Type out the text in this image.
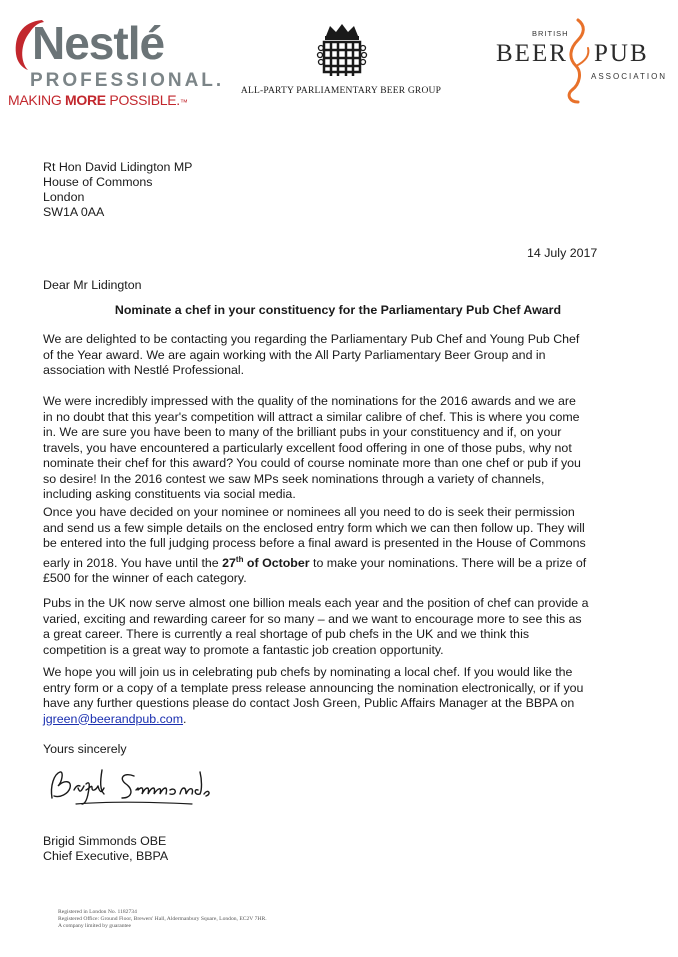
Nestlé
PROFESSIONAL.
MAKING MORE POSSIBLE.™
ALL-PARTY PARLIAMENTARY BEER GROUP
BRITISH
BEER PUB
ASSOCIATION
Rt Hon David Lidington MP
House of Commons
London
SW1A 0AA
14 July 2017
Dear Mr Lidington
Nominate a chef in your constituency for the Parliamentary Pub Chef Award
We are delighted to be contacting you regarding the Parliamentary Pub Chef and Young Pub Chef
of the Year award. We are again working with the All Party Parliamentary Beer Group and in
association with Nestlé Professional.
We were incredibly impressed with the quality of the nominations for the 2016 awards and we are
in no doubt that this year's competition will attract a similar calibre of chef. This is where you come
in. We are sure you have been to many of the brilliant pubs in your constituency and if, on your
travels, you have encountered a particularly excellent food offering in one of those pubs, why not
nominate their chef for this award? You could of course nominate more than one chef or pub if you
so desire! In the 2016 contest we saw MPs seek nominations through a variety of channels,
including asking constituents via social media.
Once you have decided on your nominee or nominees all you need to do is seek their permission
and send us a few simple details on the enclosed entry form which we can then follow up. They will
be entered into the full judging process before a final award is presented in the House of Commons
early in 2018. You have until the 27th of October to make your nominations. There will be a prize of
£500 for the winner of each category.
Pubs in the UK now serve almost one billion meals each year and the position of chef can provide a
varied, exciting and rewarding career for so many – and we want to encourage more to see this as
a great career. There is currently a real shortage of pub chefs in the UK and we think this
competition is a great way to promote a fantastic job creation opportunity.
We hope you will join us in celebrating pub chefs by nominating a local chef. If you would like the
entry form or a copy of a template press release announcing the nomination electronically, or if you
have any further questions please do contact Josh Green, Public Affairs Manager at the BBPA on
jgreen@beerandpub.com.
Yours sincerely
Brigid Simmonds OBE
Chief Executive, BBPA
Registered in London No. 1182734
Registered Office: Ground Floor, Brewers' Hall, Aldermanbury Square, London, EC2V 7HR.
A company limited by guarantee
